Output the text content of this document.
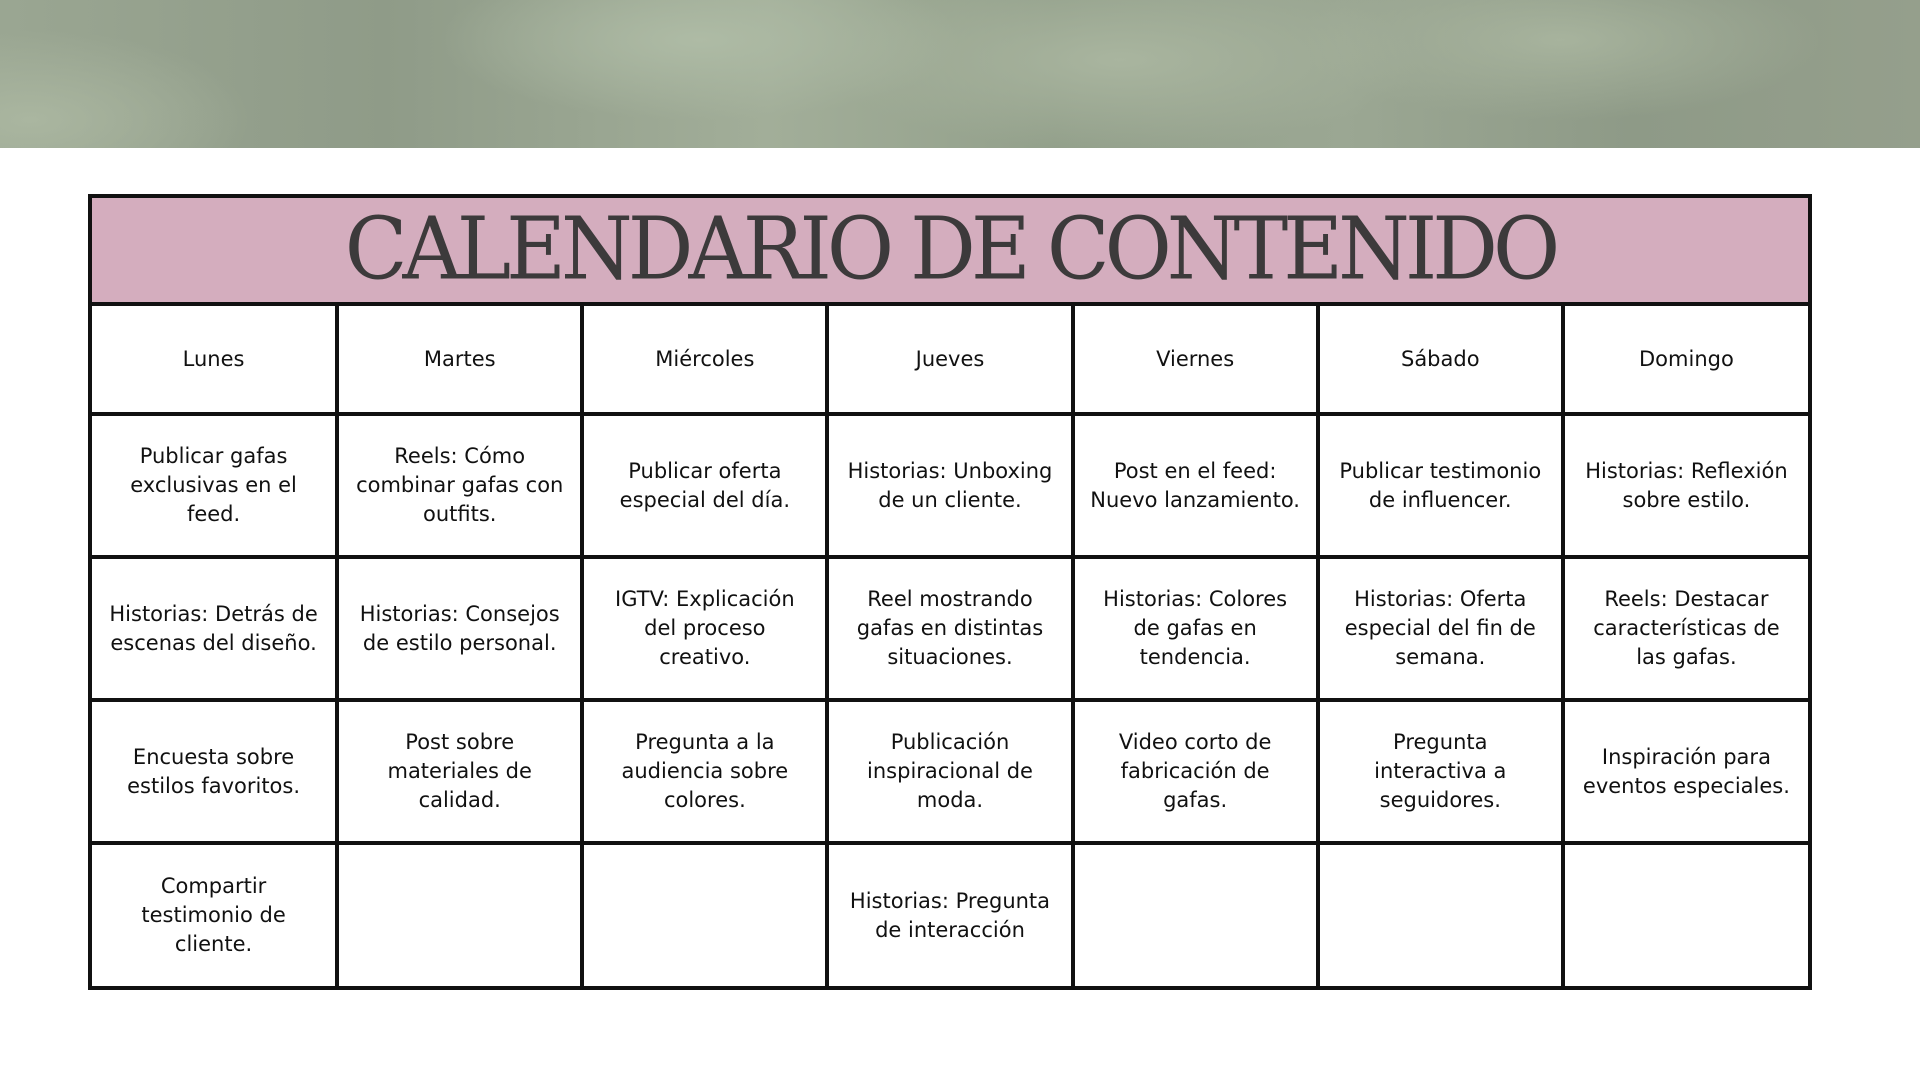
CALENDARIO DE CONTENIDO
Lunes	Martes	Miércoles	Jueves	Viernes	Sábado	Domingo
Publicar gafas exclusivas en el feed.	Reels: Cómo combinar gafas con outfits.	Publicar oferta especial del día.	Historias: Unboxing de un cliente.	Post en el feed: Nuevo lanzamiento.	Publicar testimonio de influencer.	Historias: Reflexión sobre estilo.
Historias: Detrás de escenas del diseño.	Historias: Consejos de estilo personal.	IGTV: Explicación del proceso creativo.	Reel mostrando gafas en distintas situaciones.	Historias: Colores de gafas en tendencia.	Historias: Oferta especial del fin de semana.	Reels: Destacar características de las gafas.
Encuesta sobre estilos favoritos.	Post sobre materiales de calidad.	Pregunta a la audiencia sobre colores.	Publicación inspiracional de moda.	Video corto de fabricación de gafas.	Pregunta interactiva a seguidores.	Inspiración para eventos especiales.
Compartir testimonio de cliente.			Historias: Pregunta de interacción			
